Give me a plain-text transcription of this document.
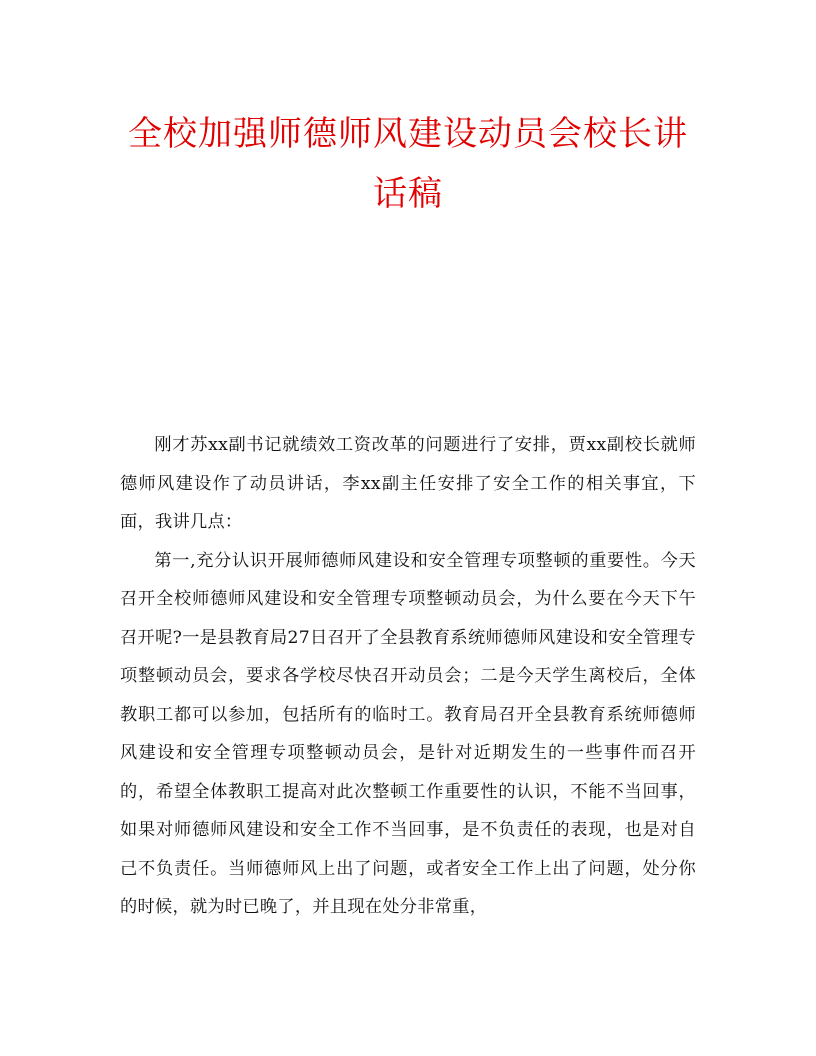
全校加强师德师风建设动员会校长讲话稿

刚才苏xx副书记就绩效工资改革的问题进行了安排，贾xx副校长就师德师风建设作了动员讲话，李xx副主任安排了安全工作的相关事宜，下面，我讲几点：

第一,充分认识开展师德师风建设和安全管理专项整顿的重要性。今天召开全校师德师风建设和安全管理专项整顿动员会，为什么要在今天下午召开呢?一是县教育局27日召开了全县教育系统师德师风建设和安全管理专项整顿动员会，要求各学校尽快召开动员会；二是今天学生离校后，全体教职工都可以参加，包括所有的临时工。教育局召开全县教育系统师德师风建设和安全管理专项整顿动员会，是针对近期发生的一些事件而召开的，希望全体教职工提高对此次整顿工作重要性的认识，不能不当回事，如果对师德师风建设和安全工作不当回事，是不负责任的表现，也是对自己不负责任。当师德师风上出了问题，或者安全工作上出了问题，处分你的时候，就为时已晚了，并且现在处分非常重，
